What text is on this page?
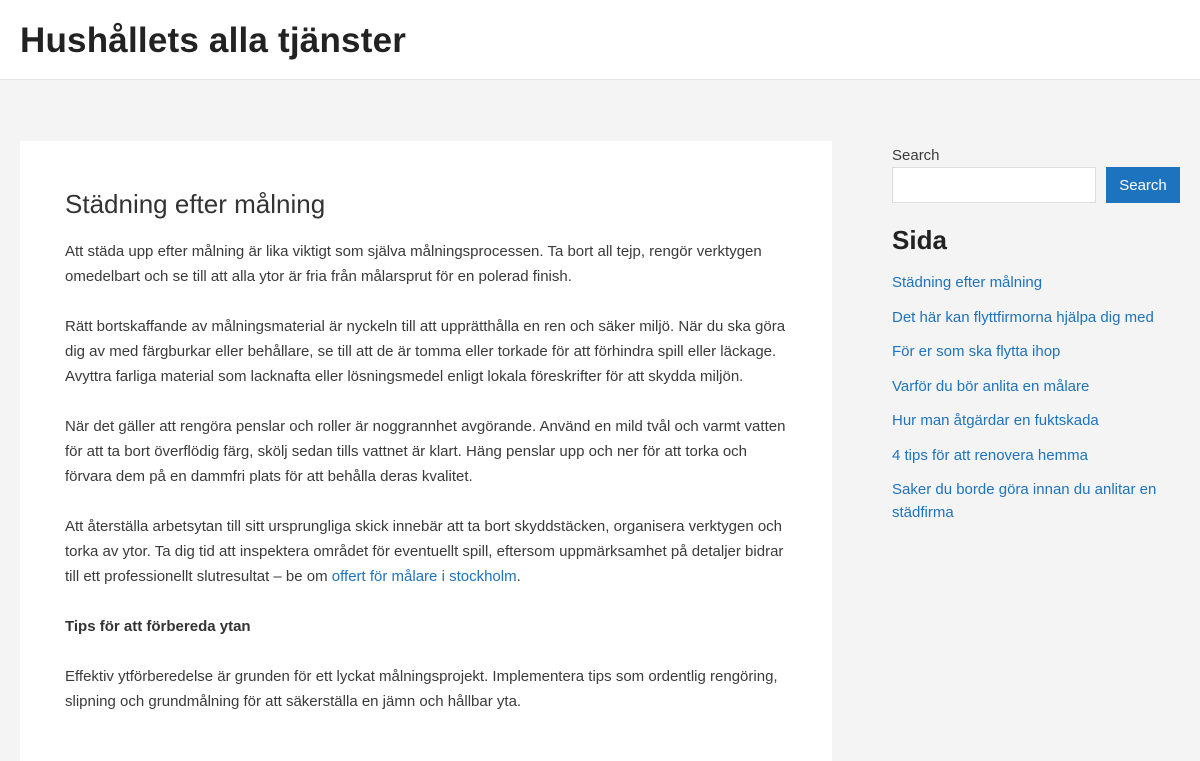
Hushållets alla tjänster
Städning efter målning

Att städa upp efter målning är lika viktigt som själva målningsprocessen. Ta bort all tejp, rengör verktygen omedelbart och se till att alla ytor är fria från målarsprut för en polerad finish.

Rätt bortskaffande av målningsmaterial är nyckeln till att upprätthålla en ren och säker miljö. När du ska göra dig av med färgburkar eller behållare, se till att de är tomma eller torkade för att förhindra spill eller läckage. Avyttra farliga material som lacknafta eller lösningsmedel enligt lokala föreskrifter för att skydda miljön.

När det gäller att rengöra penslar och roller är noggrannhet avgörande. Använd en mild tvål och varmt vatten för att ta bort överflödig färg, skölj sedan tills vattnet är klart. Häng penslar upp och ner för att torka och förvara dem på en dammfri plats för att behålla deras kvalitet.

Att återställa arbetsytan till sitt ursprungliga skick innebär att ta bort skyddstäcken, organisera verktygen och torka av ytor. Ta dig tid att inspektera området för eventuellt spill, eftersom uppmärksamhet på detaljer bidrar till ett professionellt slutresultat – be om offert för målare i stockholm.

Tips för att förbereda ytan

Effektiv ytförberedelse är grunden för ett lyckat målningsprojekt. Implementera tips som ordentlig rengöring, slipning och grundmålning för att säkerställa en jämn och hållbar yta.

Search
Search
Sida
Städning efter målning
Det här kan flyttfirmorna hjälpa dig med
För er som ska flytta ihop
Varför du bör anlita en målare
Hur man åtgärdar en fuktskada
4 tips för att renovera hemma
Saker du borde göra innan du anlitar en städfirma
